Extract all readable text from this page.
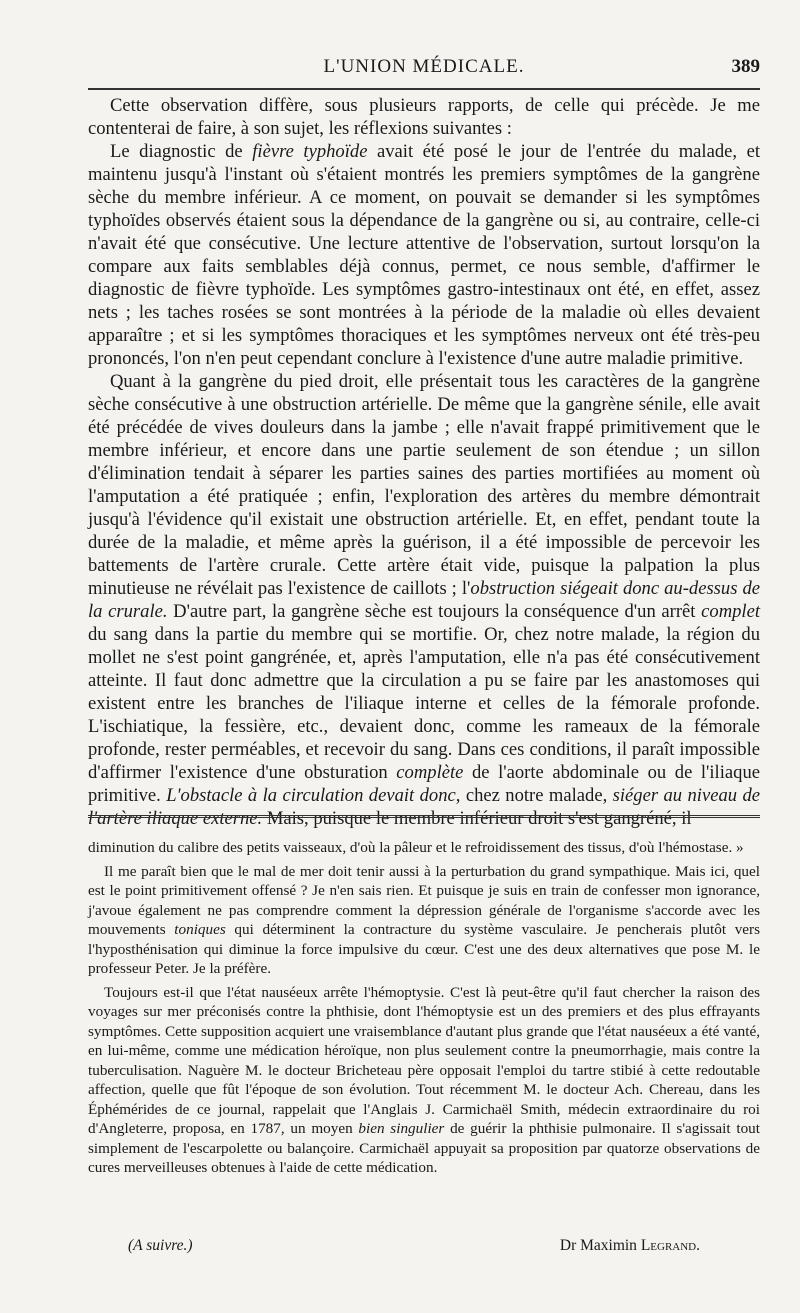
L'UNION MÉDICALE.	389

Cette observation diffère, sous plusieurs rapports, de celle qui précède. Je me contenterai de faire, à son sujet, les réflexions suivantes :

Le diagnostic de fièvre typhoïde avait été posé le jour de l'entrée du malade, et maintenu jusqu'à l'instant où s'étaient montrés les premiers symptômes de la gangrène sèche du membre inférieur. A ce moment, on pouvait se demander si les symptômes typhoïdes observés étaient sous la dépendance de la gangrène ou si, au contraire, celle-ci n'avait été que consécutive. Une lecture attentive de l'observation, surtout lorsqu'on la compare aux faits semblables déjà connus, permet, ce nous semble, d'affirmer le diagnostic de fièvre typhoïde. Les symptômes gastro-intestinaux ont été, en effet, assez nets ; les taches rosées se sont montrées à la période de la maladie où elles devaient apparaître ; et si les symptômes thoraciques et les symptômes nerveux ont été très-peu prononcés, l'on n'en peut cependant conclure à l'existence d'une autre maladie primitive.

Quant à la gangrène du pied droit, elle présentait tous les caractères de la gangrène sèche consécutive à une obstruction artérielle. De même que la gangrène sénile, elle avait été précédée de vives douleurs dans la jambe ; elle n'avait frappé primitivement que le membre inférieur, et encore dans une partie seulement de son étendue ; un sillon d'élimination tendait à séparer les parties saines des parties mortifiées au moment où l'amputation a été pratiquée ; enfin, l'exploration des artères du membre démontrait jusqu'à l'évidence qu'il existait une obstruction artérielle. Et, en effet, pendant toute la durée de la maladie, et même après la guérison, il a été impossible de percevoir les battements de l'artère crurale. Cette artère était vide, puisque la palpation la plus minutieuse ne révélait pas l'existence de caillots ; l'obstruction siégeait donc au-dessus de la crurale. D'autre part, la gangrène sèche est toujours la conséquence d'un arrêt complet du sang dans la partie du membre qui se mortifie. Or, chez notre malade, la région du mollet ne s'est point gangrénée, et, après l'amputation, elle n'a pas été consécutivement atteinte. Il faut donc admettre que la circulation a pu se faire par les anastomoses qui existent entre les branches de l'iliaque interne et celles de la fémorale profonde. L'ischiatique, la fessière, etc., devaient donc, comme les rameaux de la fémorale profonde, rester perméables, et recevoir du sang. Dans ces conditions, il paraît impossible d'affirmer l'existence d'une obsturation complète de l'aorte abdominale ou de l'iliaque primitive. L'obstacle à la circulation devait donc, chez notre malade, siéger au niveau de l'artère iliaque externe. Mais, puisque le membre inférieur droit s'est gangréné, il

diminution du calibre des petits vaisseaux, d'où la pâleur et le refroidissement des tissus, d'où l'hémostase. »

Il me paraît bien que le mal de mer doit tenir aussi à la perturbation du grand sympathique. Mais ici, quel est le point primitivement offensé ? Je n'en sais rien. Et puisque je suis en train de confesser mon ignorance, j'avoue également ne pas comprendre comment la dépression générale de l'organisme s'accorde avec les mouvements toniques qui déterminent la contracture du système vasculaire. Je pencherais plutôt vers l'hyposthénisation qui diminue la force impulsive du cœur. C'est une des deux alternatives que pose M. le professeur Peter. Je la préfère.

Toujours est-il que l'état nauséeux arrête l'hémoptysie. C'est là peut-être qu'il faut chercher la raison des voyages sur mer préconisés contre la phthisie, dont l'hémoptysie est un des premiers et des plus effrayants symptômes. Cette supposition acquiert une vraisemblance d'autant plus grande que l'état nauséeux a été vanté, en lui-même, comme une médication héroïque, non plus seulement contre la pneumorrhagie, mais contre la tuberculisation. Naguère M. le docteur Bricheteau père opposait l'emploi du tartre stibié à cette redoutable affection, quelle que fût l'époque de son évolution. Tout récemment M. le docteur Ach. Chereau, dans les Éphémérides de ce journal, rappelait que l'Anglais J. Carmichaël Smith, médecin extraordinaire du roi d'Angleterre, proposa, en 1787, un moyen bien singulier de guérir la phthisie pulmonaire. Il s'agissait tout simplement de l'escarpolette ou balançoire. Carmichaël appuyait sa proposition par quatorze observations de cures merveilleuses obtenues à l'aide de cette médication.

(A suivre.)	Dr Maximin Legrand.
